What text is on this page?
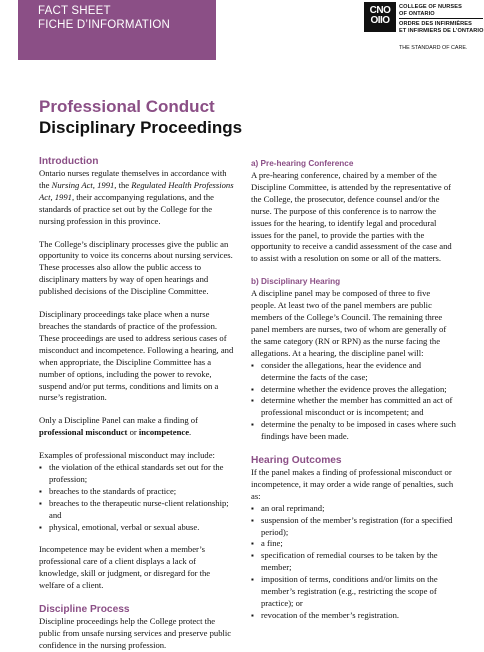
FACT SHEET
FICHE D’INFORMATION
CNO
OIIO
COLLEGE OF NURSES
OF ONTARIO
ORDRE DES INFIRMIÈRES
ET INFIRMIERS DE L’ONTARIO
THE STANDARD OF CARE.
Professional Conduct
Disciplinary Proceedings
Introduction

Ontario nurses regulate themselves in accordance with the Nursing Act, 1991, the Regulated Health Professions Act, 1991, their accompanying regulations, and the standards of practice set out by the College for the nursing profession in this province.

The College’s disciplinary processes give the public an opportunity to voice its concerns about nursing services. These processes also allow the public access to disciplinary matters by way of open hearings and published decisions of the Discipline Committee.

Disciplinary proceedings take place when a nurse breaches the standards of practice of the profession. These proceedings are used to address serious cases of misconduct and incompetence. Following a hearing, and when appropriate, the Discipline Committee has a number of options, including the power to revoke, suspend and/or put terms, conditions and limits on a nurse’s registration.

Only a Discipline Panel can make a finding of professional misconduct or incompetence.

Examples of professional misconduct may include:

▪ the violation of the ethical standards set out for the profession;
▪ breaches to the standards of practice;
▪ breaches to the therapeutic nurse-client relationship; and
▪ physical, emotional, verbal or sexual abuse.

Incompetence may be evident when a member’s professional care of a client displays a lack of knowledge, skill or judgment, or disregard for the welfare of a client.

Discipline Process

Discipline proceedings help the College protect the public from unsafe nursing services and preserve public confidence in the nursing profession.

a) Pre-hearing Conference

A pre-hearing conference, chaired by a member of the Discipline Committee, is attended by the representative of the College, the prosecutor, defence counsel and/or the nurse. The purpose of this conference is to narrow the issues for the hearing, to identify legal and procedural issues for the panel, to provide the parties with the opportunity to receive a candid assessment of the case and to assist with a resolution on some or all of the matters.

b) Disciplinary Hearing

A discipline panel may be composed of three to five people. At least two of the panel members are public members of the College’s Council. The remaining three panel members are nurses, two of whom are generally of the same category (RN or RPN) as the nurse facing the allegations. At a hearing, the discipline panel will:

▪ consider the allegations, hear the evidence and determine the facts of the case;
▪ determine whether the evidence proves the allegation;
▪ determine whether the member has committed an act of professional misconduct or is incompetent; and
▪ determine the penalty to be imposed in cases where such findings have been made.
Hearing Outcomes

If the panel makes a finding of professional misconduct or incompetence, it may order a wide range of penalties, such as:

▪ an oral reprimand;
▪ suspension of the member’s registration (for a specified period);
▪ a fine;
▪ specification of remedial courses to be taken by the member;
▪ imposition of terms, conditions and/or limits on the member’s registration (e.g., restricting the scope of practice); or
▪ revocation of the member’s registration.
